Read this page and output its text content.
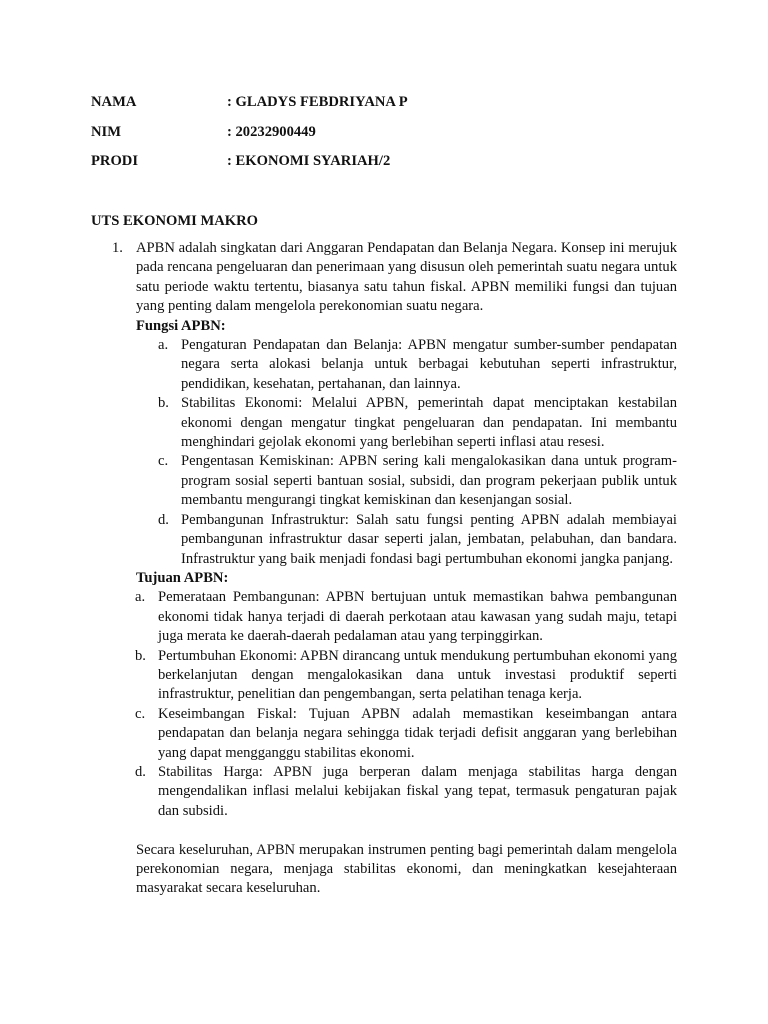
NAMA	: GLADYS FEBDRIYANA P
NIM	: 20232900449
PRODI	: EKONOMI SYARIAH/2
UTS EKONOMI MAKRO
1. APBN adalah singkatan dari Anggaran Pendapatan dan Belanja Negara. Konsep ini merujuk pada rencana pengeluaran dan penerimaan yang disusun oleh pemerintah suatu negara untuk satu periode waktu tertentu, biasanya satu tahun fiskal. APBN memiliki fungsi dan tujuan yang penting dalam mengelola perekonomian suatu negara.

Fungsi APBN:

a. Pengaturan Pendapatan dan Belanja: APBN mengatur sumber-sumber pendapatan negara serta alokasi belanja untuk berbagai kebutuhan seperti infrastruktur, pendidikan, kesehatan, pertahanan, dan lainnya.
b. Stabilitas Ekonomi: Melalui APBN, pemerintah dapat menciptakan kestabilan ekonomi dengan mengatur tingkat pengeluaran dan pendapatan. Ini membantu menghindari gejolak ekonomi yang berlebihan seperti inflasi atau resesi.
c. Pengentasan Kemiskinan: APBN sering kali mengalokasikan dana untuk program-program sosial seperti bantuan sosial, subsidi, dan program pekerjaan publik untuk membantu mengurangi tingkat kemiskinan dan kesenjangan sosial.
d. Pembangunan Infrastruktur: Salah satu fungsi penting APBN adalah membiayai pembangunan infrastruktur dasar seperti jalan, jembatan, pelabuhan, dan bandara. Infrastruktur yang baik menjadi fondasi bagi pertumbuhan ekonomi jangka panjang.

Tujuan APBN:

a. Pemerataan Pembangunan: APBN bertujuan untuk memastikan bahwa pembangunan ekonomi tidak hanya terjadi di daerah perkotaan atau kawasan yang sudah maju, tetapi juga merata ke daerah-daerah pedalaman atau yang terpinggirkan.
b. Pertumbuhan Ekonomi: APBN dirancang untuk mendukung pertumbuhan ekonomi yang berkelanjutan dengan mengalokasikan dana untuk investasi produktif seperti infrastruktur, penelitian dan pengembangan, serta pelatihan tenaga kerja.
c. Keseimbangan Fiskal: Tujuan APBN adalah memastikan keseimbangan antara pendapatan dan belanja negara sehingga tidak terjadi defisit anggaran yang berlebihan yang dapat mengganggu stabilitas ekonomi.
d. Stabilitas Harga: APBN juga berperan dalam menjaga stabilitas harga dengan mengendalikan inflasi melalui kebijakan fiskal yang tepat, termasuk pengaturan pajak dan subsidi.

Secara keseluruhan, APBN merupakan instrumen penting bagi pemerintah dalam mengelola perekonomian negara, menjaga stabilitas ekonomi, dan meningkatkan kesejahteraan masyarakat secara keseluruhan.
